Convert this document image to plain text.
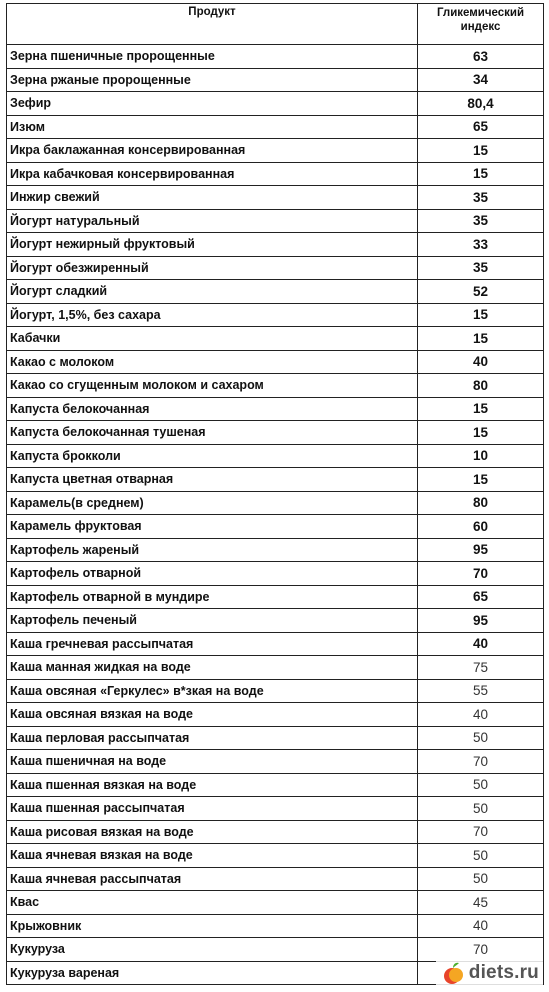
Продукт	Гликемический индекс
Зерна пшеничные пророщенные	63
Зерна ржаные пророщенные	34
Зефир	80,4
Изюм	65
Икра баклажанная консервированная	15
Икра кабачковая консервированная	15
Инжир свежий	35
Йогурт натуральный	35
Йогурт нежирный фруктовый	33
Йогурт обезжиренный	35
Йогурт сладкий	52
Йогурт, 1,5%, без сахара	15
Кабачки	15
Какао с молоком	40
Какао со сгущенным молоком и сахаром	80
Капуста белокочанная	15
Капуста белокочанная тушеная	15
Капуста брокколи	10
Капуста цветная отварная	15
Карамель(в среднем)	80
Карамель фруктовая	60
Картофель жареный	95
Картофель отварной	70
Картофель отварной в мундире	65
Картофель печеный	95
Каша гречневая рассыпчатая	40
Каша манная жидкая на воде	75
Каша овсяная «Геркулес» в*зкая на воде	55
Каша овсяная вязкая на воде	40
Каша перловая рассыпчатая	50
Каша пшеничная на воде	70
Каша пшенная вязкая на воде	50
Каша пшенная рассыпчатая	50
Каша рисовая вязкая на воде	70
Каша ячневая вязкая на воде	50
Каша ячневая рассыпчатая	50
Квас	45
Крыжовник	40
Кукуруза	70
Кукуруза вареная		diets.ru
